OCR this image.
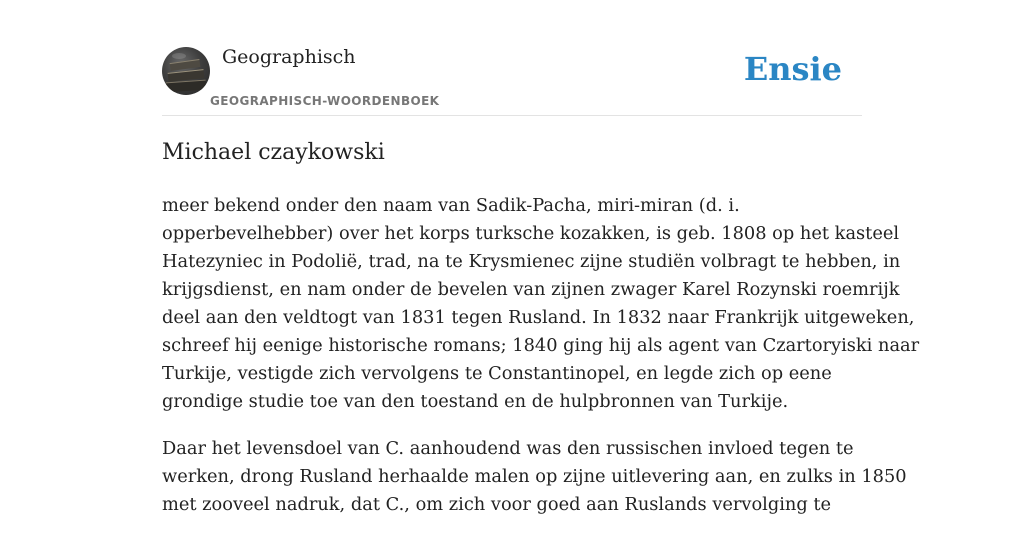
Geographisch
GEOGRAPHISCH-WOORDENBOEK
Ensie
Michael czaykowski

meer bekend onder den naam van Sadik-Pacha, miri-miran (d. i.
opperbevelhebber) over het korps turksche kozakken, is geb. 1808 op het kasteel
Hatezyniec in Podolië, trad, na te Krysmienec zijne studiën volbragt te hebben, in
krijgsdienst, en nam onder de bevelen van zijnen zwager Karel Rozynski roemrijk
deel aan den veldtogt van 1831 tegen Rusland. In 1832 naar Frankrijk uitgeweken,
schreef hij eenige historische romans; 1840 ging hij als agent van Czartoryiski naar
Turkije, vestigde zich vervolgens te Constantinopel, en legde zich op eene
grondige studie toe van den toestand en de hulpbronnen van Turkije.

Daar het levensdoel van C. aanhoudend was den russischen invloed tegen te
werken, drong Rusland herhaalde malen op zijne uitlevering aan, en zulks in 1850
met zooveel nadruk, dat C., om zich voor goed aan Ruslands vervolging te
